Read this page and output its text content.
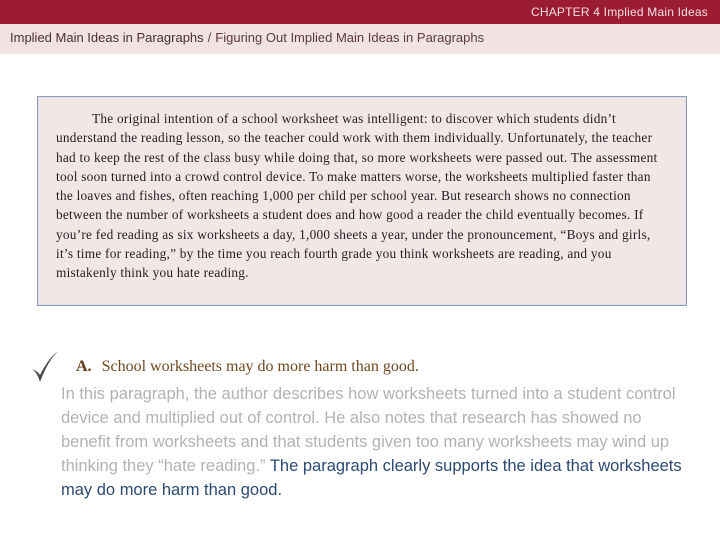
CHAPTER 4 Implied Main Ideas
Implied Main Ideas in Paragraphs / Figuring Out Implied Main Ideas in Paragraphs
The original intention of a school worksheet was intelligent: to discover which students didn’t understand the reading lesson, so the teacher could work with them individually. Unfortunately, the teacher had to keep the rest of the class busy while doing that, so more worksheets were passed out. The assessment tool soon turned into a crowd control device. To make matters worse, the worksheets multiplied faster than the loaves and fishes, often reaching 1,000 per child per school year. But research shows no connection between the number of worksheets a student does and how good a reader the child eventually becomes. If you’re fed reading as six worksheets a day, 1,000 sheets a year, under the pronouncement, “Boys and girls, it’s time for reading,” by the time you reach fourth grade you think worksheets are reading, and you mistakenly think you hate reading.
A. School worksheets may do more harm than good.
In this paragraph, the author describes how worksheets turned into a student control device and multiplied out of control. He also notes that research has showed no benefit from worksheets and that students given too many worksheets may wind up thinking they “hate reading.” The paragraph clearly supports the idea that worksheets may do more harm than good.
